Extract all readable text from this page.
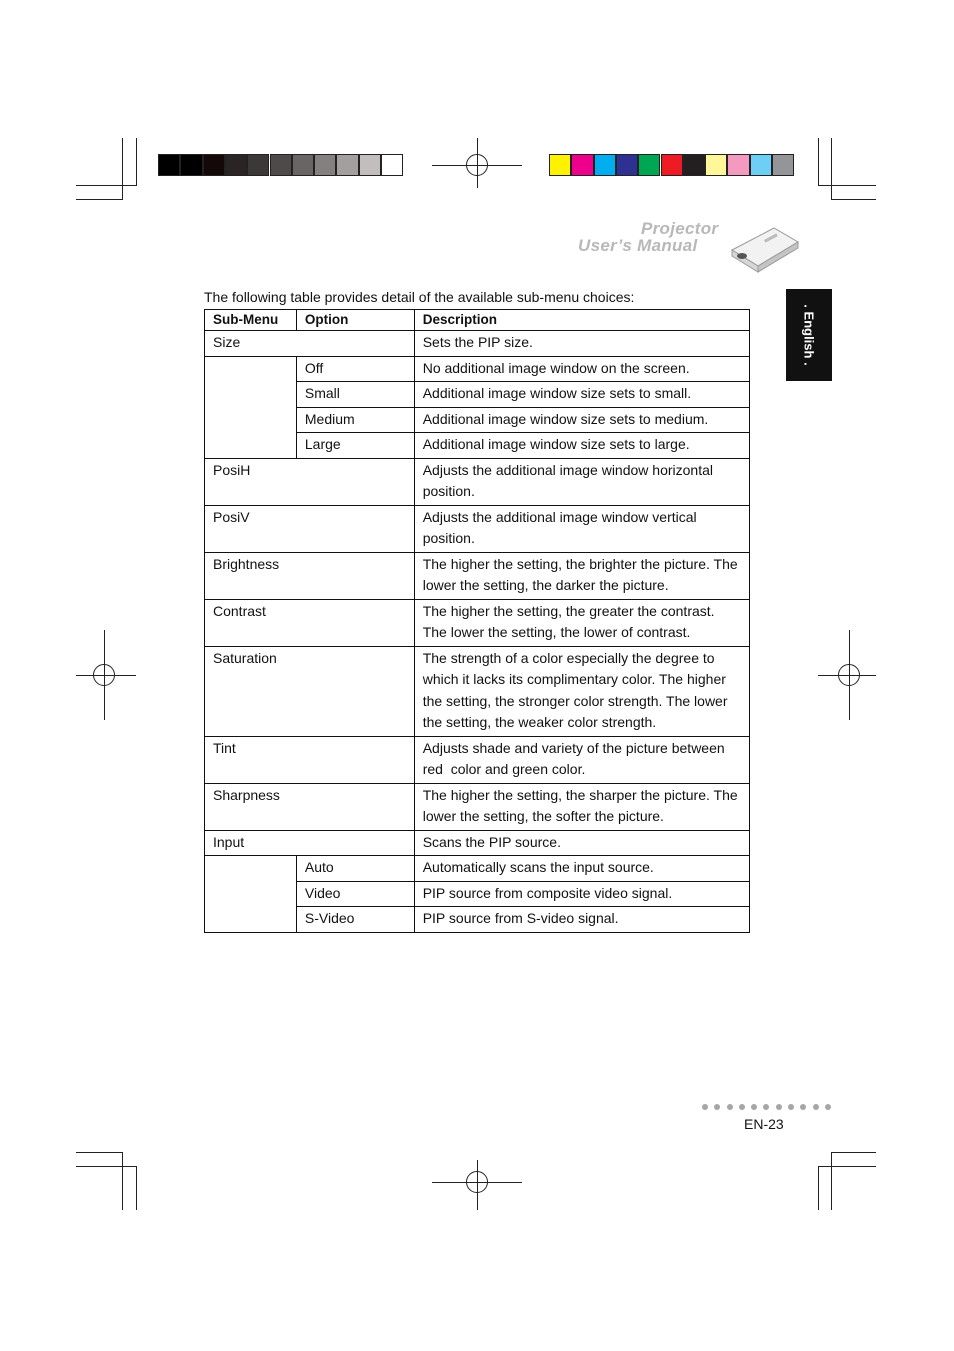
Projector
User’s Manual
. English .
The following table provides detail of the available sub-menu choices:
Sub-Menu	Option	Description
Size		Sets the PIP size.
	Off	No additional image window on the screen.
	Small	Additional image window size sets to small.
	Medium	Additional image window size sets to medium.
	Large	Additional image window size sets to large.
PosiH		Adjusts the additional image window horizontal position.
PosiV		Adjusts the additional image window vertical position.
Brightness		The higher the setting, the brighter the picture. The lower the setting, the darker the picture.
Contrast		The higher the setting, the greater the contrast. The lower the setting, the lower of contrast.
Saturation		The strength of a color especially the degree to which it lacks its complimentary color. The higher the setting, the stronger color strength. The lower the setting, the weaker color strength.
Tint		Adjusts shade and variety of the picture between red  color and green color.
Sharpness		The higher the setting, the sharper the picture. The lower the setting, the softer the picture.
Input		Scans the PIP source.
	Auto	Automatically scans the input source.
	Video	PIP source from composite video signal.
	S-Video	PIP source from S-video signal.
EN-23
